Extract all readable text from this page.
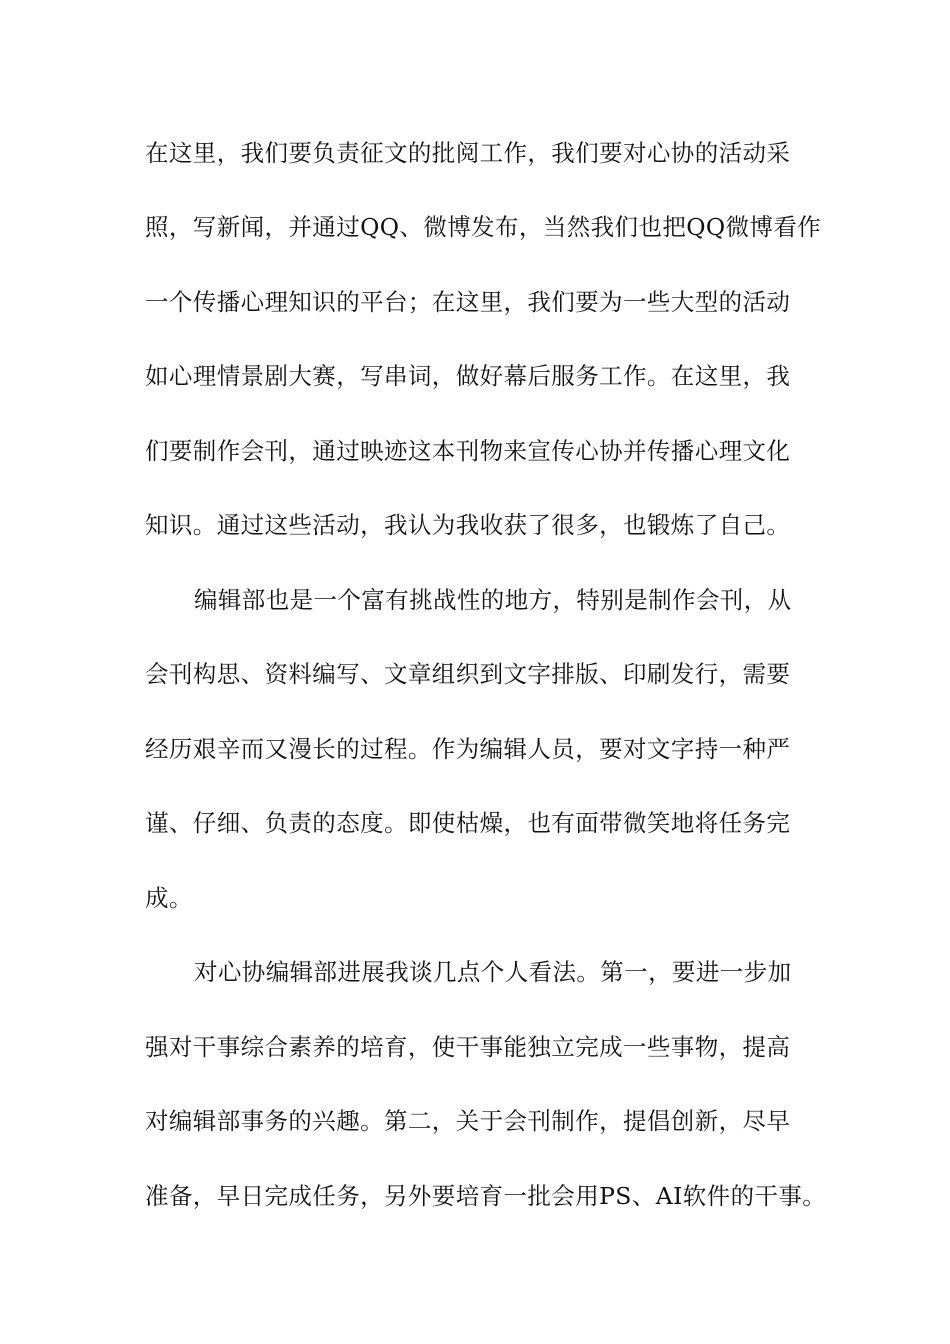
在这里，我们要负责征文的批阅工作，我们要对心协的活动采
照，写新闻，并通过QQ、微博发布，当然我们也把QQ微博看作
一个传播心理知识的平台；在这里，我们要为一些大型的活动
如心理情景剧大赛，写串词，做好幕后服务工作。在这里，我
们要制作会刊，通过映迹这本刊物来宣传心协并传播心理文化
知识。通过这些活动，我认为我收获了很多，也锻炼了自己。
编辑部也是一个富有挑战性的地方，特别是制作会刊，从
会刊构思、资料编写、文章组织到文字排版、印刷发行，需要
经历艰辛而又漫长的过程。作为编辑人员，要对文字持一种严
谨、仔细、负责的态度。即使枯燥，也有面带微笑地将任务完
成。
对心协编辑部进展我谈几点个人看法。第一，要进一步加
强对干事综合素养的培育，使干事能独立完成一些事物，提高
对编辑部事务的兴趣。第二，关于会刊制作，提倡创新，尽早
准备，早日完成任务，另外要培育一批会用PS、AI软件的干事。
